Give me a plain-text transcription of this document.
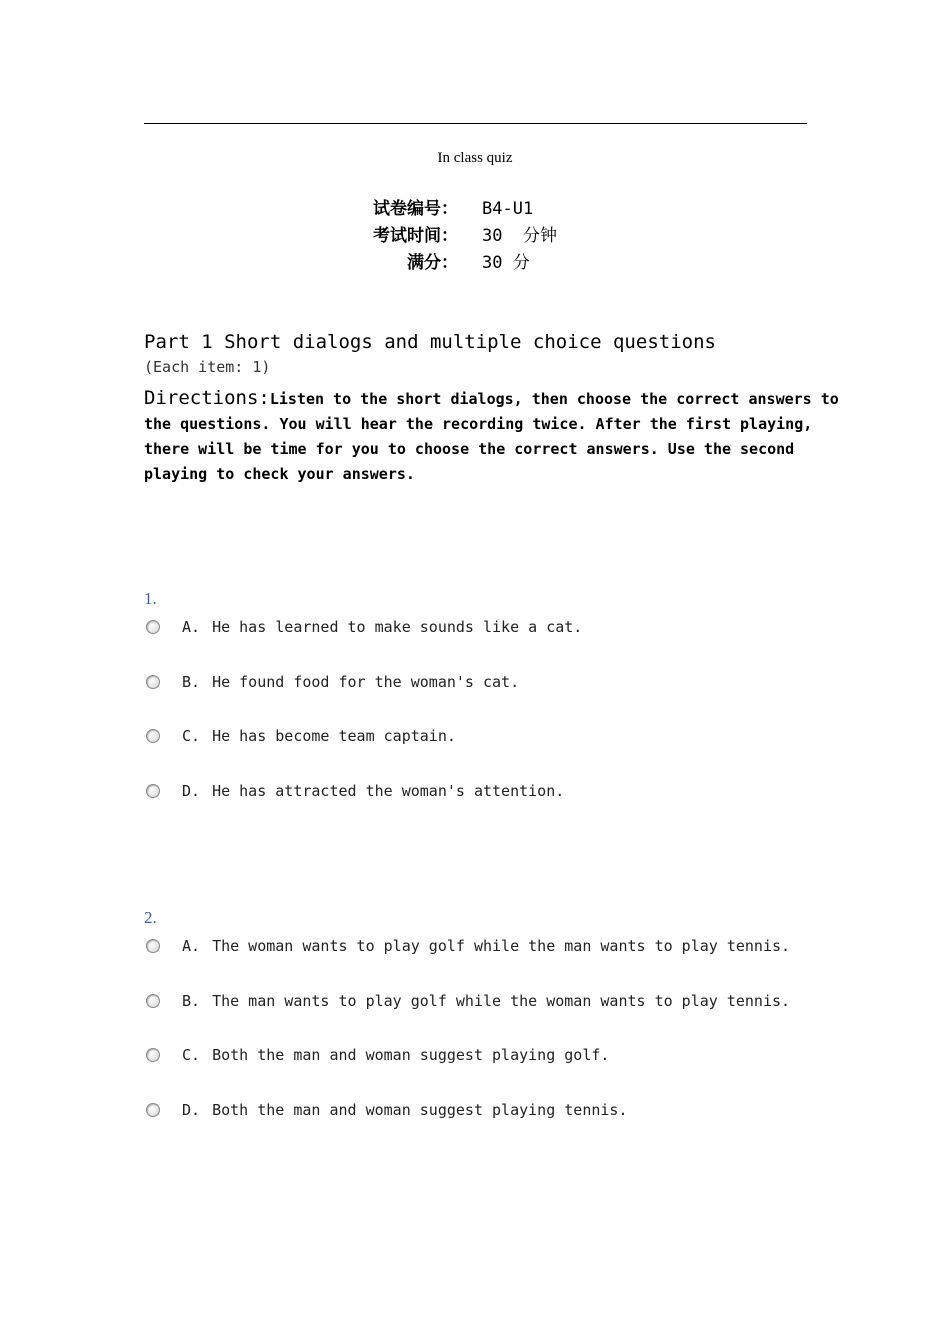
In class quiz
试卷编号：	B4-U1
考试时间：	30  分钟
满分：	30 分
Part 1 Short dialogs and multiple choice questions
(Each item: 1)
Directions:Listen to the short dialogs, then choose the correct answers to the questions. You will hear the recording twice. After the first playing, there will be time for you to choose the correct answers. Use the second playing to check your answers.
1.
A. He has learned to make sounds like a cat.
B. He found food for the woman's cat.
C. He has become team captain.
D. He has attracted the woman's attention.
2.
A. The woman wants to play golf while the man wants to play tennis.
B. The man wants to play golf while the woman wants to play tennis.
C. Both the man and woman suggest playing golf.
D. Both the man and woman suggest playing tennis.
